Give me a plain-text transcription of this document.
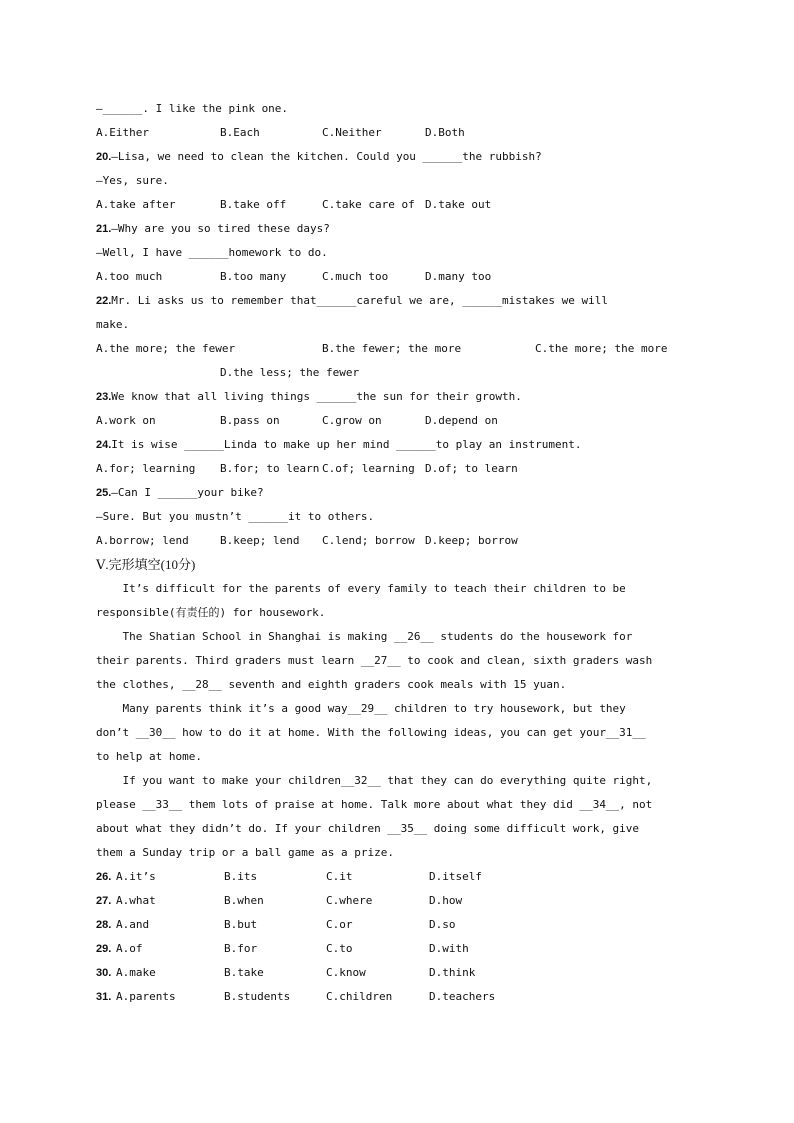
—______. I like the pink one.
A.Either	B.Each	C.Neither	D.Both
20.—Lisa, we need to clean the kitchen. Could you ______the rubbish?
—Yes, sure.
A.take after	B.take off	C.take care of D.take out
21.—Why are you so tired these days?
—Well, I have ______homework to do.
A.too much	B.too many	C.much too	D.many too
22.Mr. Li asks us to remember that______careful we are, ______mistakes we will
make.
A.the more; the fewer	B.the fewer; the more	C.the more; the more
D.the less; the fewer
23.We know that all living things ______the sun for their growth.
A.work on	B.pass on	C.grow on	D.depend on
24.It is wise ______Linda to make up her mind ______to play an instrument.
A.for; learning B.for; to learn C.of; learning D.of; to learn
25.—Can I ______your bike?
—Sure. But you mustn’t ______it to others.
A.borrow; lend	B.keep; lend C.lend; borrow D.keep; borrow
Ⅴ.完形填空(10分)
It’s difficult for the parents of every family to teach their children to be
responsible(有责任的) for housework.
The Shatian School in Shanghai is making __26__ students do the housework for
their parents. Third graders must learn __27__ to cook and clean, sixth graders wash
the clothes, __28__ seventh and eighth graders cook meals with 15 yuan.
Many parents think it’s a good way__29__ children to try housework, but they
don’t __30__ how to do it at home. With the following ideas, you can get your__31__
to help at home.
If you want to make your children__32__ that they can do everything quite right,
please __33__ them lots of praise at home. Talk more about what they did __34__, not
about what they didn’t do. If your children __35__ doing some difficult work, give
them a Sunday trip or a ball game as a prize.
26. A.it’s	B.its	C.it	D.itself
27. A.what	B.when	C.where	D.how
28. A.and	B.but	C.or	D.so
29. A.of	B.for	C.to	D.with
30. A.make	B.take	C.know	D.think
31. A.parents	B.students	C.children	D.teachers
